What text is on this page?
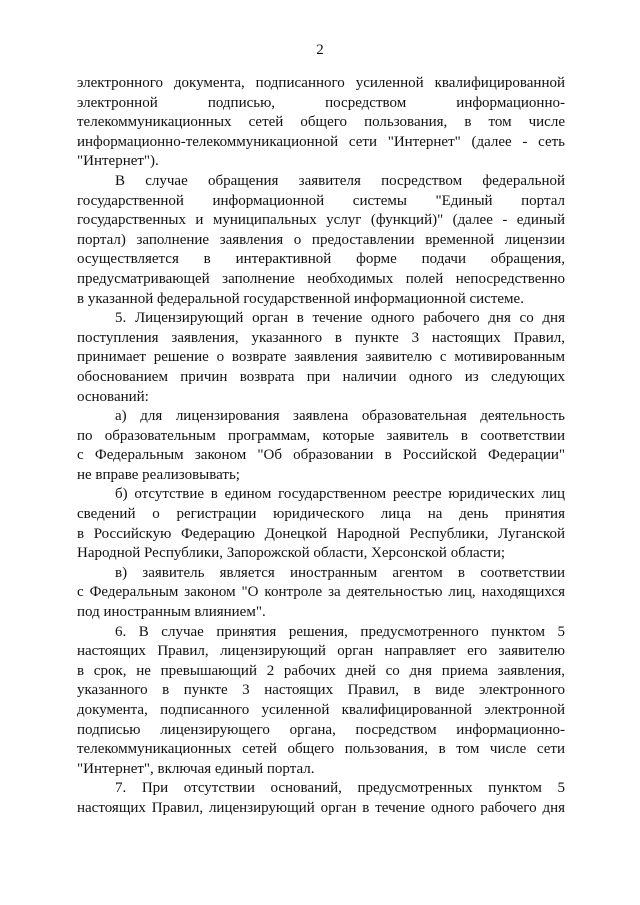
2
электронного документа, подписанного усиленной квалифицированной
электронной подписью, посредством информационно-
телекоммуникационных сетей общего пользования, в том числе
информационно-телекоммуникационной сети "Интернет" (далее - сеть
"Интернет").
В случае обращения заявителя посредством федеральной
государственной информационной системы "Единый портал
государственных и муниципальных услуг (функций)" (далее - единый
портал) заполнение заявления о предоставлении временной лицензии
осуществляется в интерактивной форме подачи обращения,
предусматривающей заполнение необходимых полей непосредственно
в указанной федеральной государственной информационной системе.
5. Лицензирующий орган в течение одного рабочего дня со дня
поступления заявления, указанного в пункте 3 настоящих Правил,
принимает решение о возврате заявления заявителю с мотивированным
обоснованием причин возврата при наличии одного из следующих
оснований:
а) для лицензирования заявлена образовательная деятельность
по образовательным программам, которые заявитель в соответствии
с Федеральным законом "Об образовании в Российской Федерации"
не вправе реализовывать;
б) отсутствие в едином государственном реестре юридических лиц
сведений о регистрации юридического лица на день принятия
в Российскую Федерацию Донецкой Народной Республики, Луганской
Народной Республики, Запорожской области, Херсонской области;
в) заявитель является иностранным агентом в соответствии
с Федеральным законом "О контроле за деятельностью лиц, находящихся
под иностранным влиянием".
6. В случае принятия решения, предусмотренного пунктом 5
настоящих Правил, лицензирующий орган направляет его заявителю
в срок, не превышающий 2 рабочих дней со дня приема заявления,
указанного в пункте 3 настоящих Правил, в виде электронного
документа, подписанного усиленной квалифицированной электронной
подписью лицензирующего органа, посредством информационно-
телекоммуникационных сетей общего пользования, в том числе сети
"Интернет", включая единый портал.
7. При отсутствии оснований, предусмотренных пунктом 5
настоящих Правил, лицензирующий орган в течение одного рабочего дня
